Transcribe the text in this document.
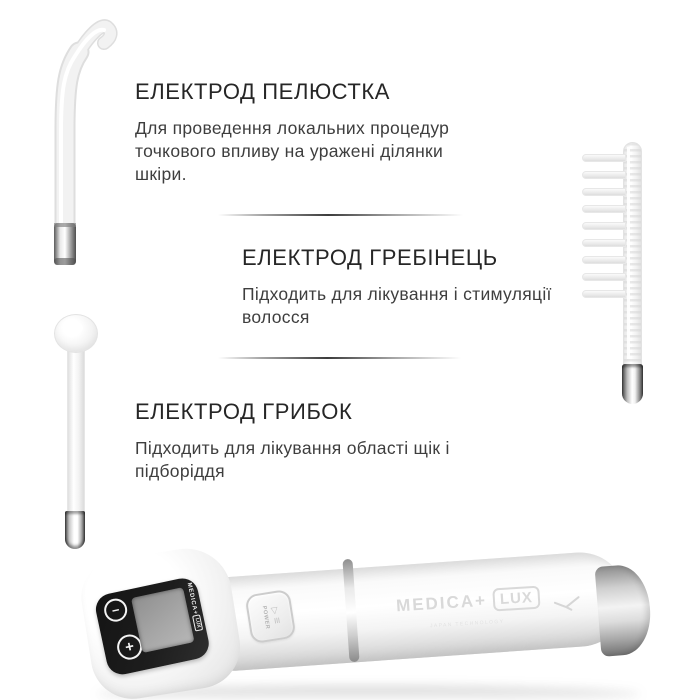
ЕЛЕКТРОД ПЕЛЮСТКА
Для проведення локальних процедур
точкового впливу на уражені ділянки
шкіри.
ЕЛЕКТРОД ГРЕБІНЕЦЬ
Підходить для лікування і стимуляції
волосся
ЕЛЕКТРОД ГРИБОК
Підходить для лікування області щік і
підборіддя
MEDICA+ LUX
JAPAN TECHNOLOGY
POWER
▷
≡
−
+
MEDICA+
LUX
